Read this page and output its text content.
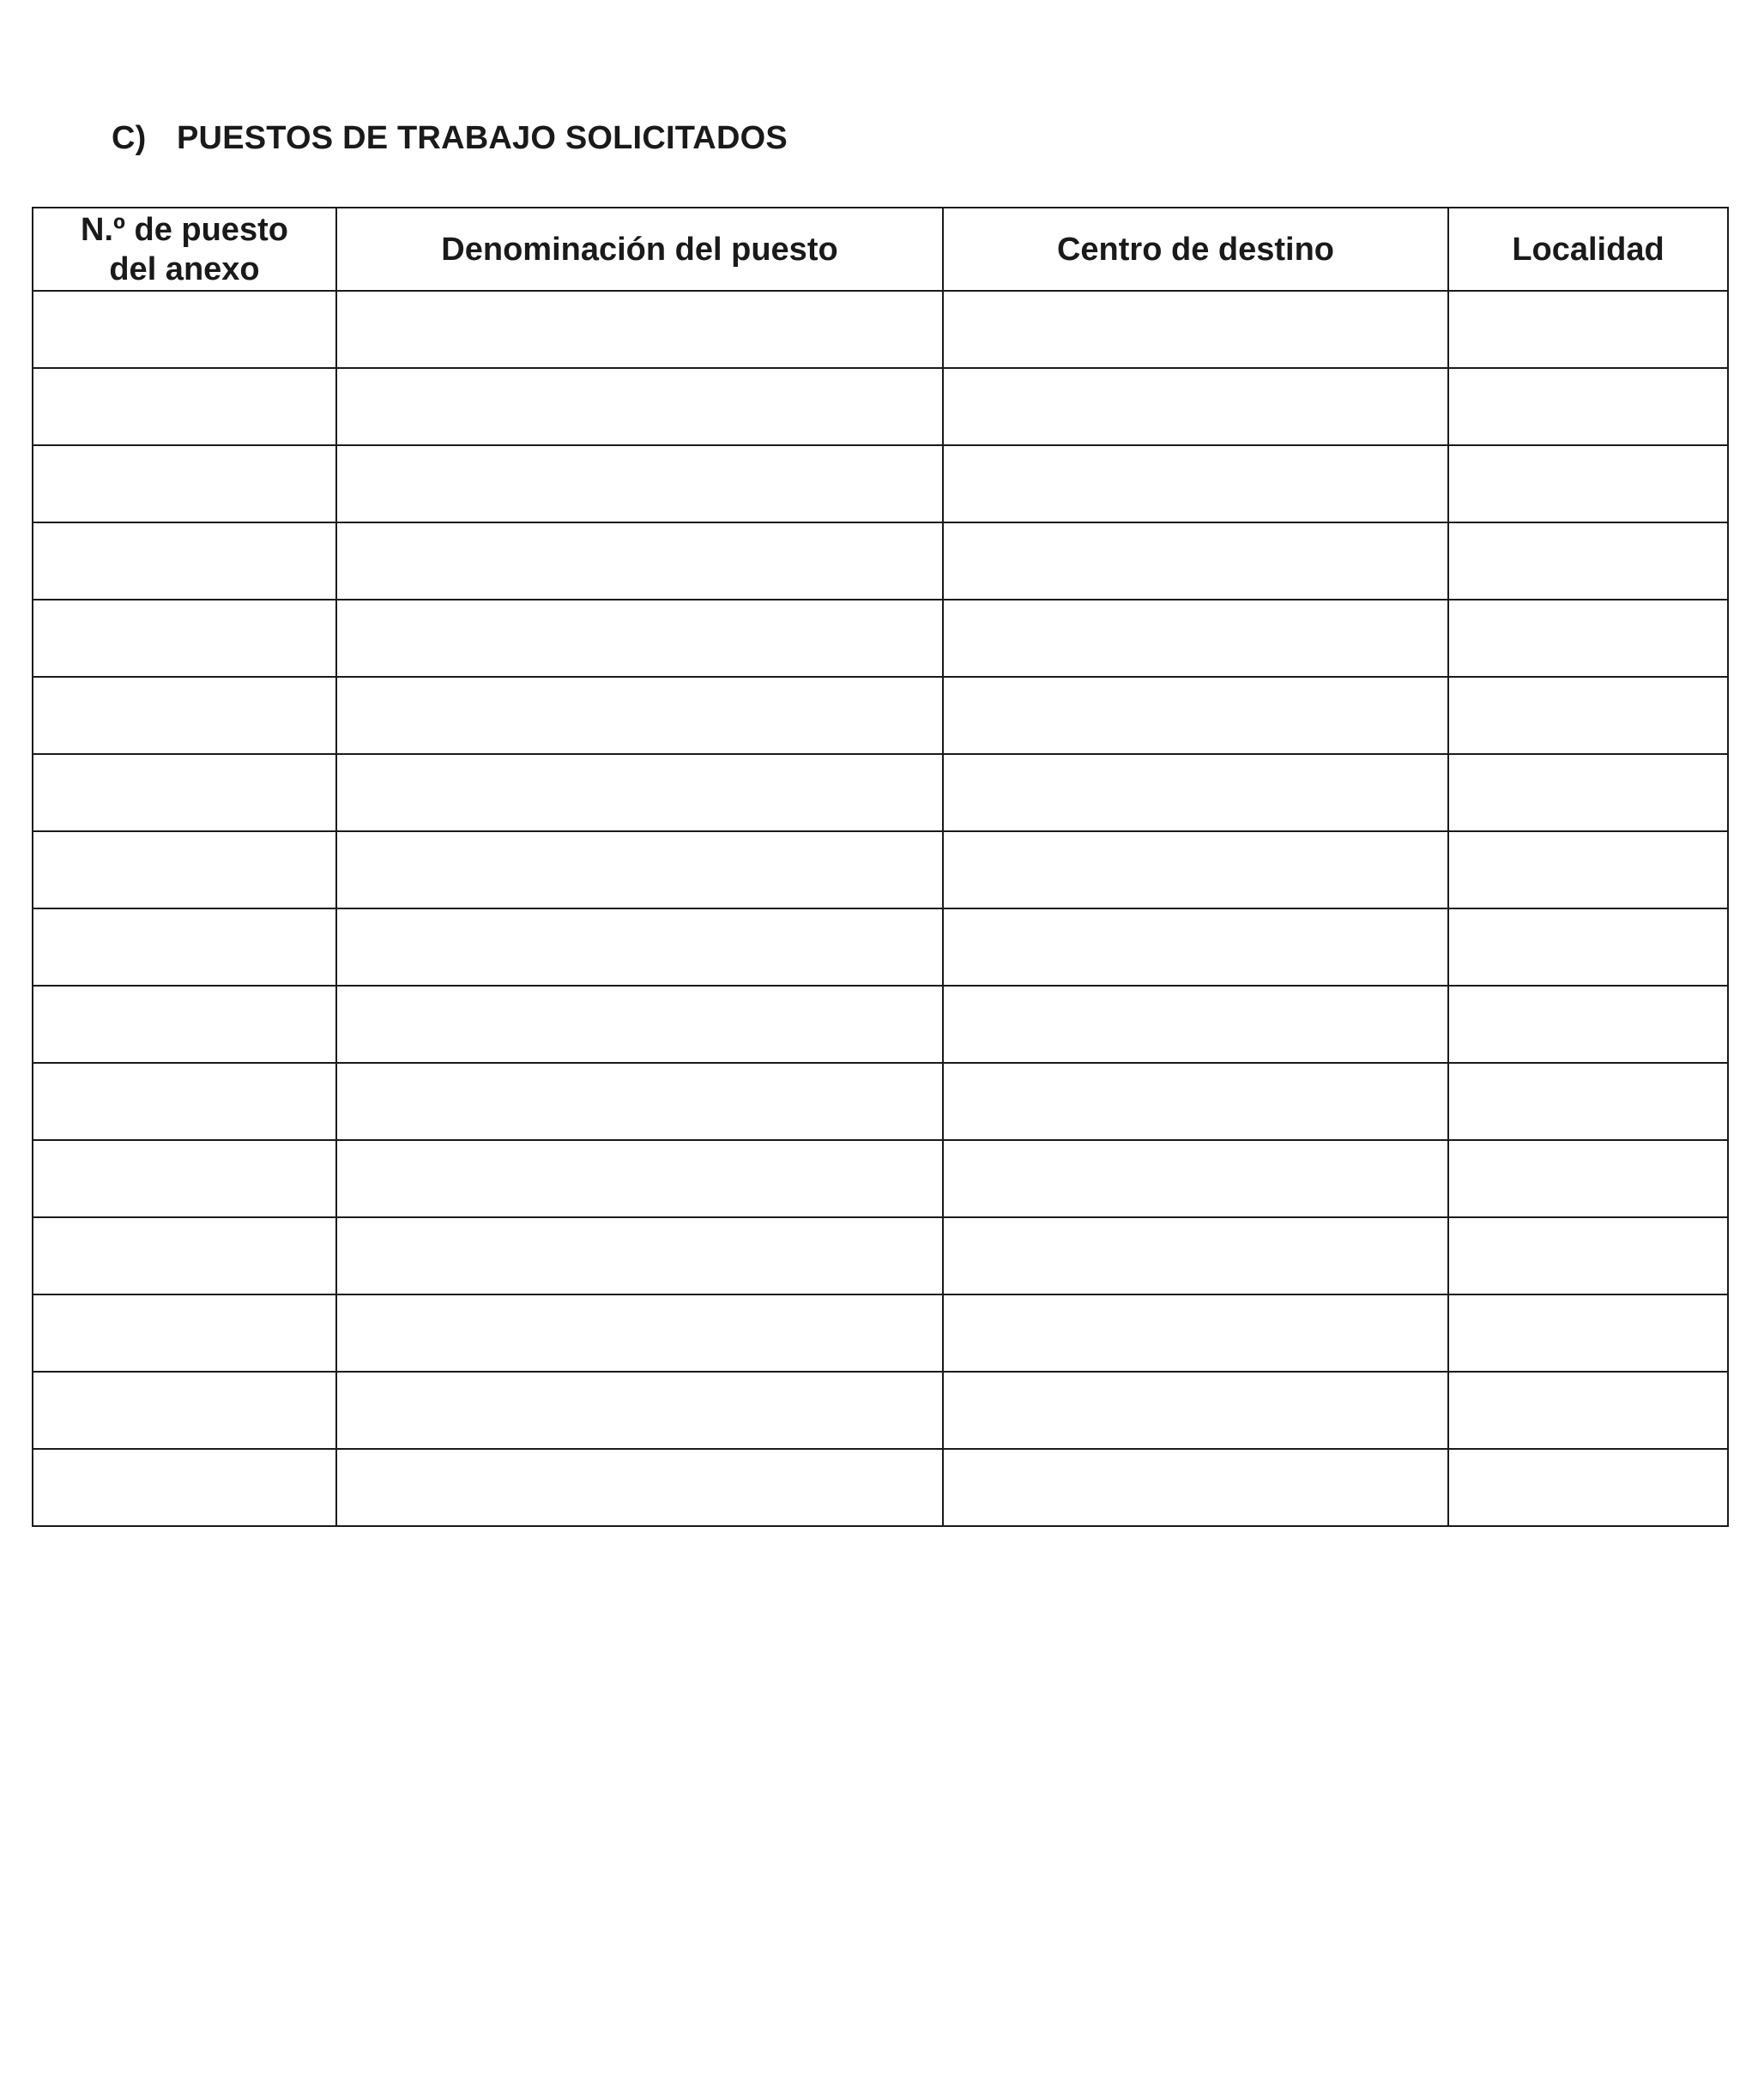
C) PUESTOS DE TRABAJO SOLICITADOS
N.º de puesto
del anexo	Denominación del puesto	Centro de destino	Localidad
